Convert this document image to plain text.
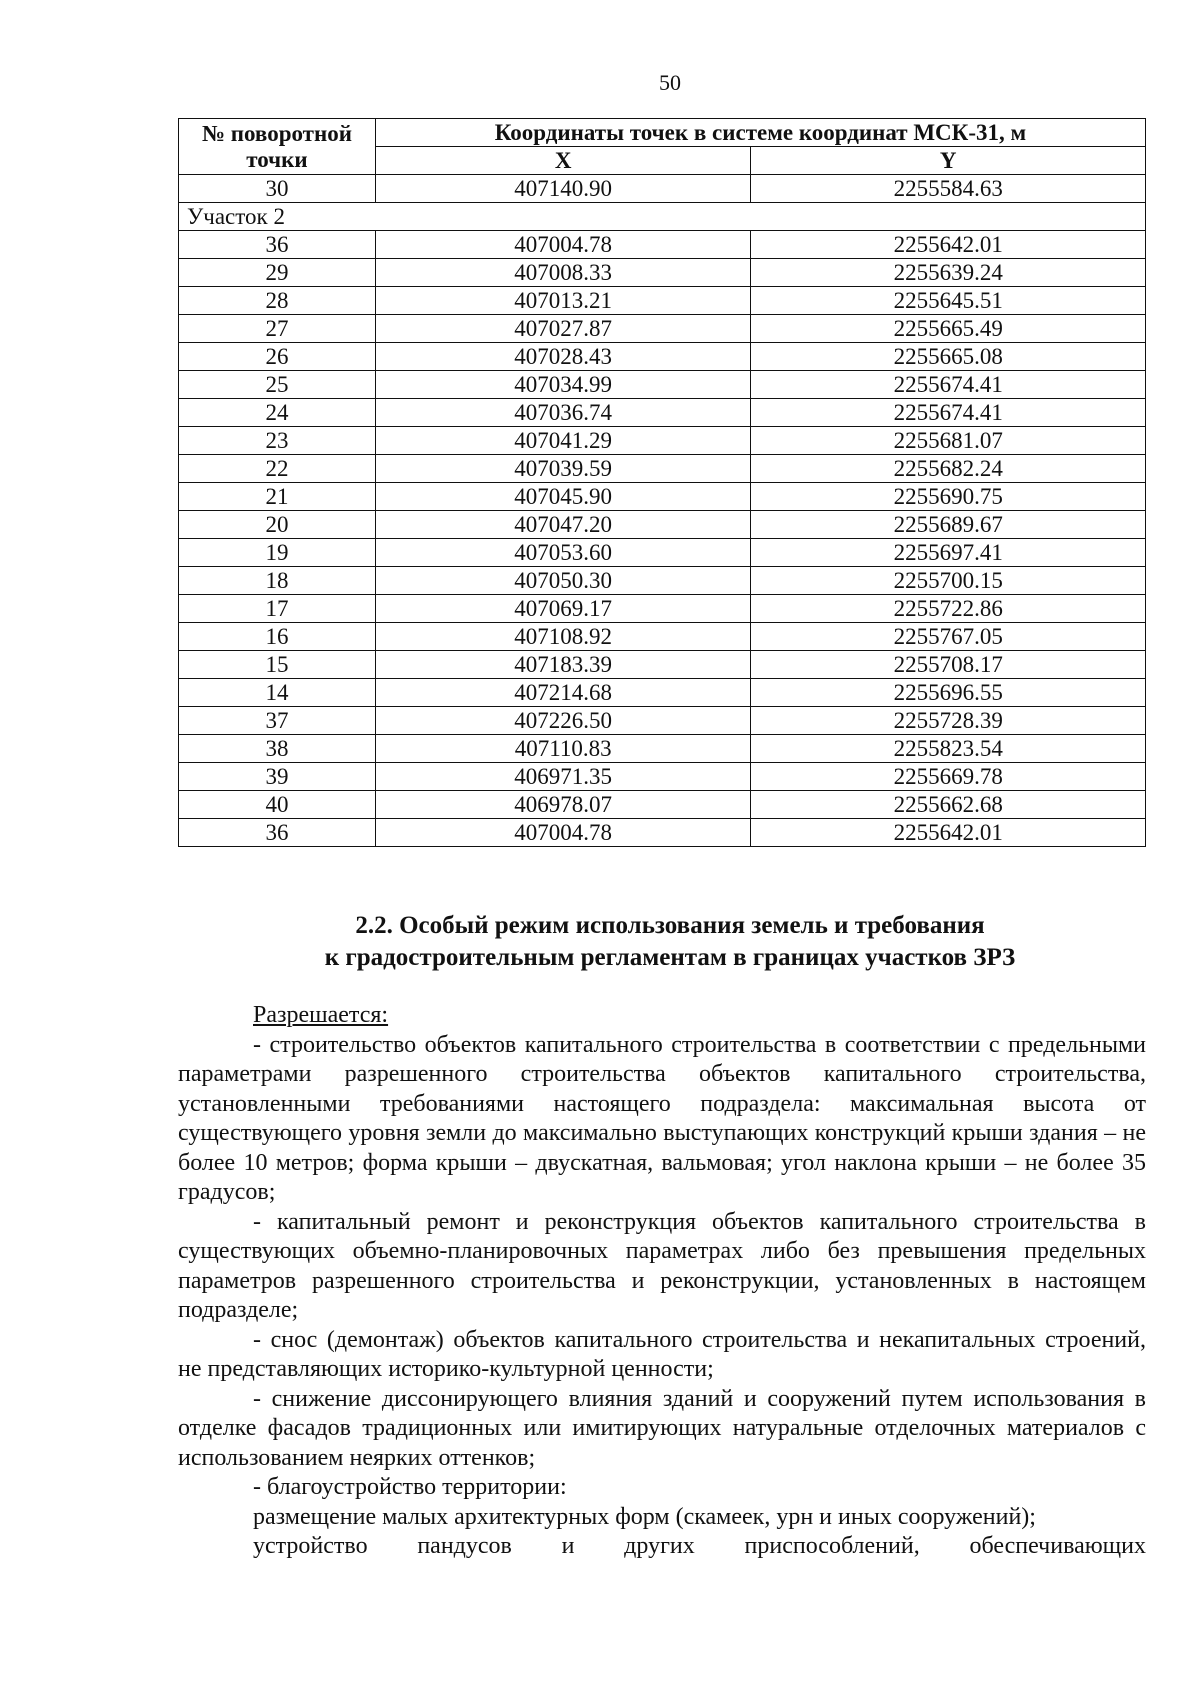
50
№ поворотной точки	Координаты точек в системе координат МСК-31, м	
	X	Y
30	407140.90	2255584.63
Участок 2		
36	407004.78	2255642.01
29	407008.33	2255639.24
28	407013.21	2255645.51
27	407027.87	2255665.49
26	407028.43	2255665.08
25	407034.99	2255674.41
24	407036.74	2255674.41
23	407041.29	2255681.07
22	407039.59	2255682.24
21	407045.90	2255690.75
20	407047.20	2255689.67
19	407053.60	2255697.41
18	407050.30	2255700.15
17	407069.17	2255722.86
16	407108.92	2255767.05
15	407183.39	2255708.17
14	407214.68	2255696.55
37	407226.50	2255728.39
38	407110.83	2255823.54
39	406971.35	2255669.78
40	406978.07	2255662.68
36	407004.78	2255642.01
2.2. Особый режим использования земель и требования
к градостроительным регламентам в границах участков ЗРЗ

Разрешается:

- строительство объектов капитального строительства в соответствии с предельными параметрами разрешенного строительства объектов капитального строительства, установленными требованиями настоящего подраздела: максимальная высота от существующего уровня земли до максимально выступающих конструкций крыши здания – не более 10 метров; форма крыши – двускатная, вальмовая; угол наклона крыши – не более 35 градусов;

- капитальный ремонт и реконструкция объектов капитального строительства в существующих объемно-планировочных параметрах либо без превышения предельных параметров разрешенного строительства и реконструкции, установленных в настоящем подразделе;

- снос (демонтаж) объектов капитального строительства и некапитальных строений, не представляющих историко-культурной ценности;

- снижение диссонирующего влияния зданий и сооружений путем использования в отделке фасадов традиционных или имитирующих натуральные отделочных материалов с использованием неярких оттенков;

- благоустройство территории:

размещение малых архитектурных форм (скамеек, урн и иных сооружений);

устройство пандусов и других приспособлений, обеспечивающих
